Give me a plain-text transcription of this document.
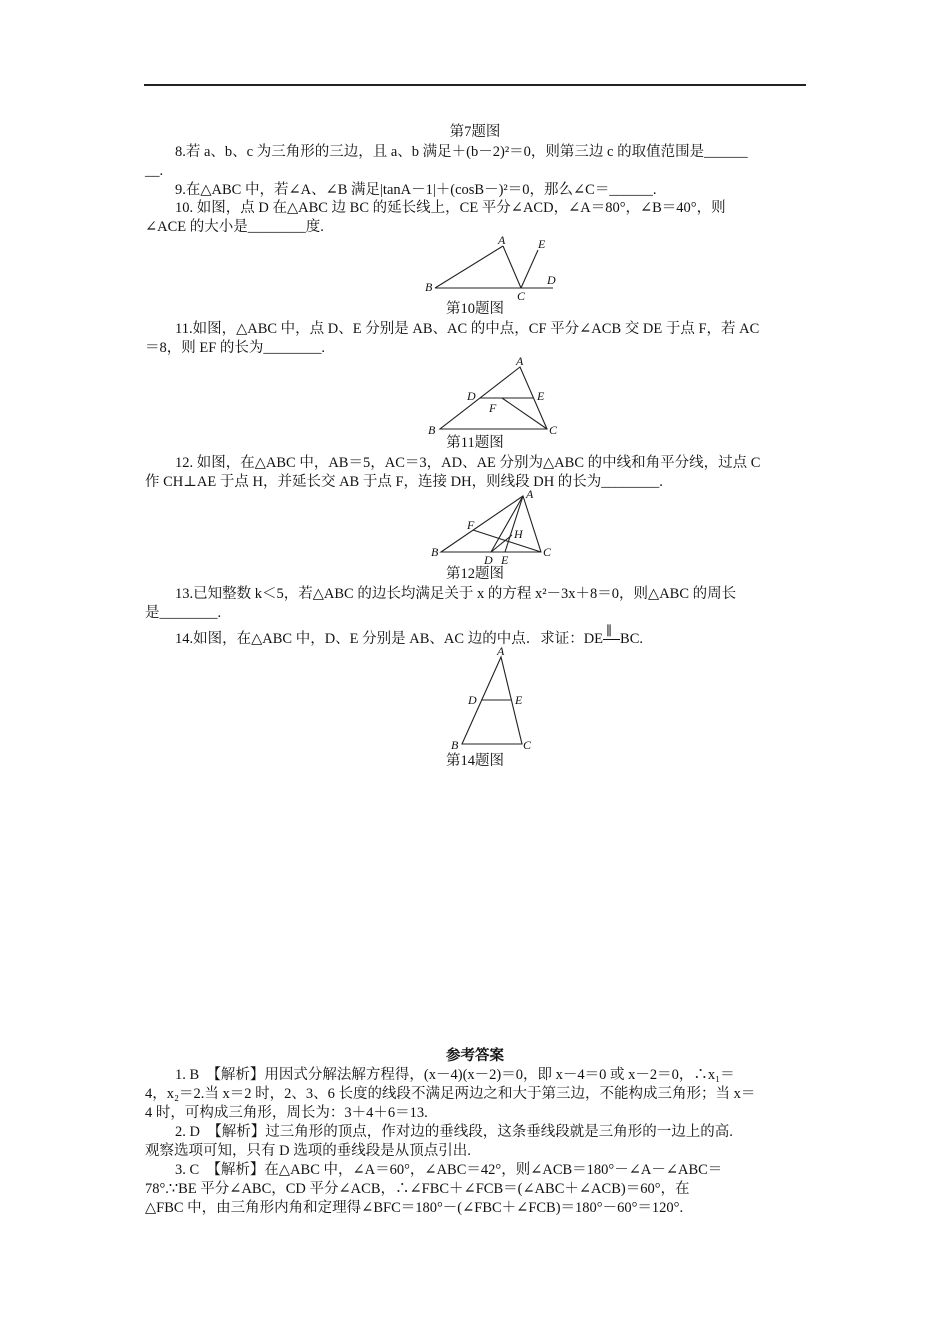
第7题图
8.若 a、b、c 为三角形的三边，且 a、b 满足＋(b－2)²＝0，则第三边 c 的取值范围是______
__.
9.在△ABC 中，若∠A、∠B 满足|tanA－1|＋(cosB－)²＝0，那么∠C＝______.
10. 如图，点 D 在△ABC 边 BC 的延长线上，CE 平分∠ACD，∠A＝80°，∠B＝40°，则
∠ACE 的大小是________度.
A	E
D
B
C
第10题图
11.如图，△ABC 中，点 D、E 分别是 AB、AC 的中点，CF 平分∠ACB 交 DE 于点 F，若 AC
＝8，则 EF 的长为________.
A
D	E
F
B	C
第11题图
12. 如图，在△ABC 中，AB＝5，AC＝3，AD、AE 分别为△ABC 的中线和角平分线，过点 C
作 CH⊥AE 于点 H，并延长交 AB 于点 F，连接 DH，则线段 DH 的长为________.
A
F
H
B
D E
C
第12题图
13.已知整数 k＜5，若△ABC 的边长均满足关于 x 的方程 x²－3x＋8＝0，则△ABC 的周长
是________.
14.如图，在△ABC 中，D、E 分别是 AB、AC 边的中点．求证：DE
∥
BC.
A
D	E
B	C
第14题图
参考答案
1. B　【解析】用因式分解法解方程得，(x－4)(x－2)＝0，即 x－4＝0 或 x－2＝0，∴x₁＝
4，x₂＝2.当 x＝2 时，2、3、6 长度的线段不满足两边之和大于第三边，不能构成三角形；当 x＝
4 时，可构成三角形，周长为：3＋4＋6＝13.
2. D　【解析】过三角形的顶点，作对边的垂线段，这条垂线段就是三角形的一边上的高.
观察选项可知，只有 D 选项的垂线段是从顶点引出.
3. C　【解析】在△ABC 中，∠A＝60°，∠ABC＝42°，则∠ACB＝180°－∠A－∠ABC＝
78°.∵BE 平分∠ABC，CD 平分∠ACB，∴∠FBC＋∠FCB＝(∠ABC＋∠ACB)＝60°，在
△FBC 中，由三角形内角和定理得∠BFC＝180°－(∠FBC＋∠FCB)＝180°－60°＝120°.
